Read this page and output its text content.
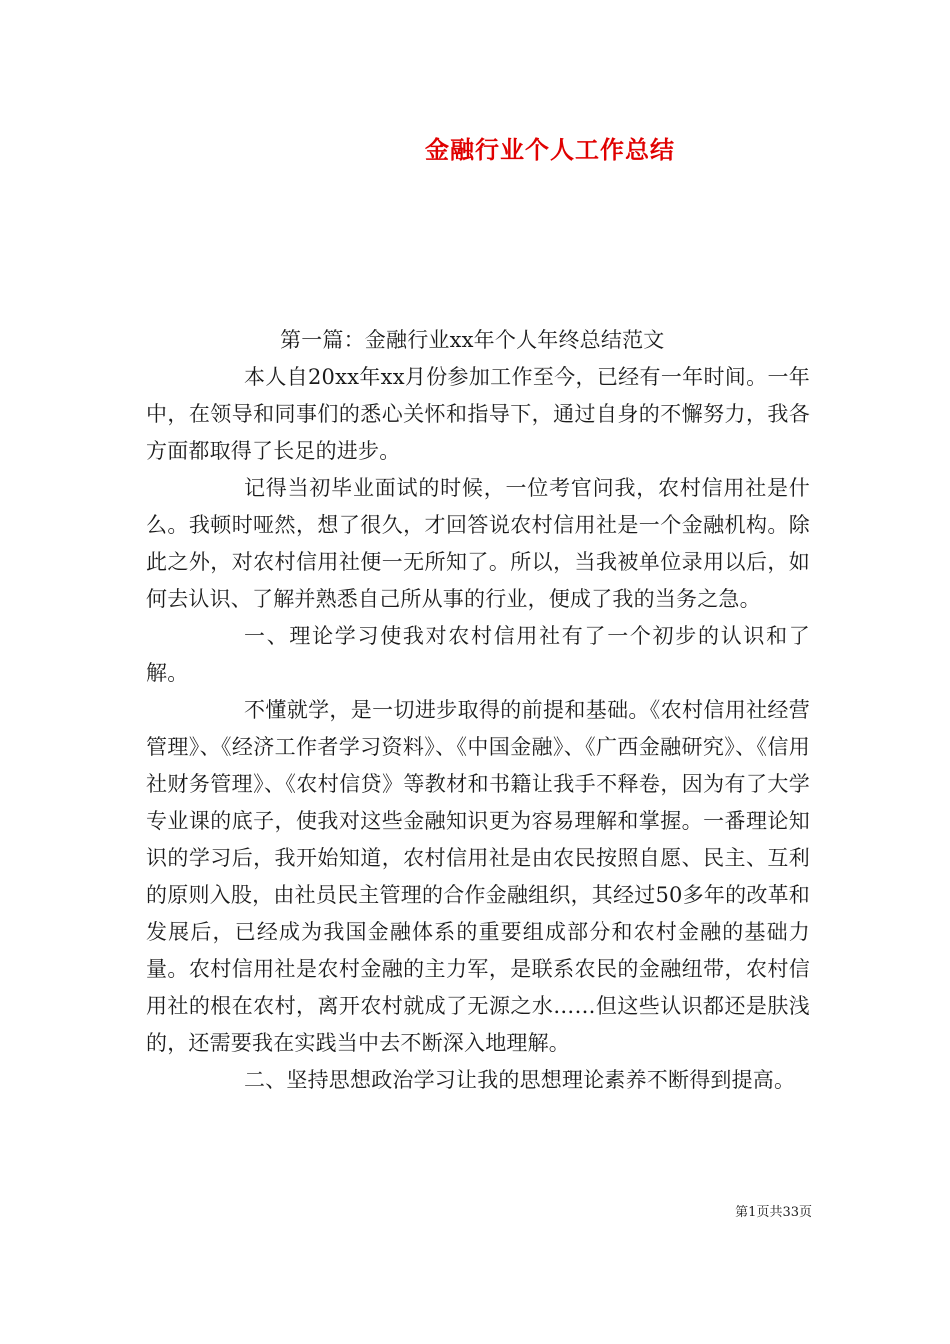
金融行业个人工作总结

第一篇：金融行业xx年个人年终总结范文

本人自20xx年xx月份参加工作至今，已经有一年时间。一年中，在领导和同事们的悉心关怀和指导下，通过自身的不懈努力，我各方面都取得了长足的进步。

记得当初毕业面试的时候，一位考官问我，农村信用社是什么。我顿时哑然，想了很久，才回答说农村信用社是一个金融机构。除此之外，对农村信用社便一无所知了。所以，当我被单位录用以后，如何去认识、了解并熟悉自己所从事的行业，便成了我的当务之急。

一、理论学习使我对农村信用社有了一个初步的认识和了解。

不懂就学，是一切进步取得的前提和基础。《农村信用社经营管理》、《经济工作者学习资料》、《中国金融》、《广西金融研究》、《信用社财务管理》、《农村信贷》等教材和书籍让我手不释卷，因为有了大学专业课的底子，使我对这些金融知识更为容易理解和掌握。一番理论知识的学习后，我开始知道，农村信用社是由农民按照自愿、民主、互利的原则入股，由社员民主管理的合作金融组织，其经过50多年的改革和发展后，已经成为我国金融体系的重要组成部分和农村金融的基础力量。农村信用社是农村金融的主力军，是联系农民的金融纽带，农村信用社的根在农村，离开农村就成了无源之水……但这些认识都还是肤浅的，还需要我在实践当中去不断深入地理解。

二、坚持思想政治学习让我的思想理论素养不断得到提高。

第1页共33页
